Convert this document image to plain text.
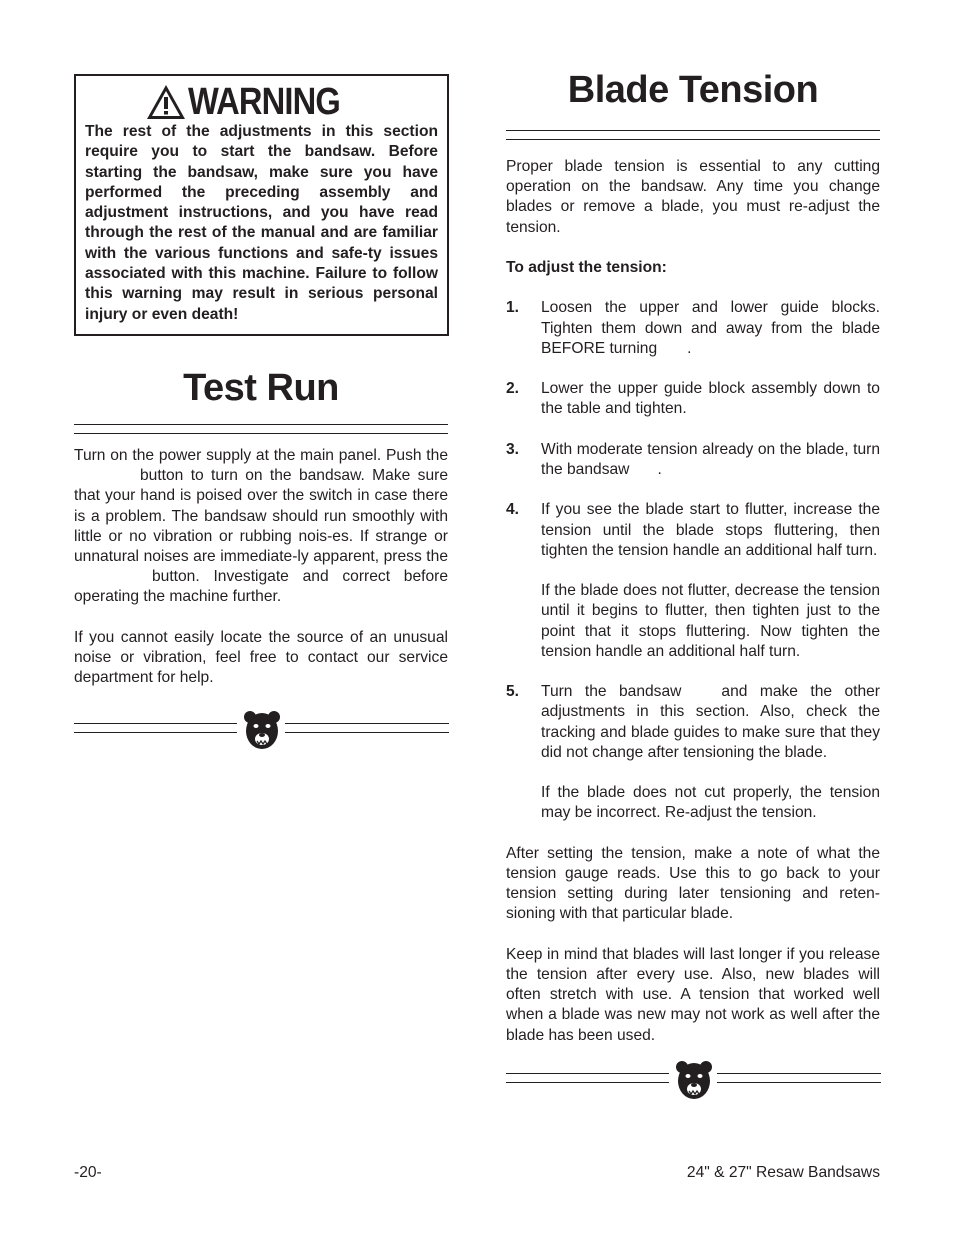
WARNING
The rest of the adjustments in this section require you to start the bandsaw. Before starting the bandsaw, make sure you have performed the preceding assembly and adjustment instructions, and you have read through the rest of the manual and are familiar with the various functions and safe-ty issues associated with this machine. Failure to follow this warning may result in serious personal injury or even death!
Test Run

Turn on the power supply at the main panel. Push thebutton to turn on the bandsaw. Make sure that your hand is poised over the switch in case there is a problem. The bandsaw should run smoothly with little or no vibration or rubbing nois-es. If strange or unnatural noises are immediate-ly apparent, press thebutton. Investigate and correct before operating the machine further.

If you cannot easily locate the source of an unusual noise or vibration, feel free to contact our service department for help.

Blade Tension

Proper blade tension is essential to any cutting operation on the bandsaw. Any time you change blades or remove a blade, you must re-adjust the tension.

To adjust the tension:
1.	Loosen the upper and lower guide blocks. Tighten them down and away from the blade BEFORE turning .
2.	Lower the upper guide block assembly down to the table and tighten.
3.	With moderate tension already on the blade, turn the bandsaw .
4.	If you see the blade start to flutter, increase the tension until the blade stops fluttering, then tighten the tension handle an additional half turn.
If the blade does not flutter, decrease the tension until it begins to flutter, then tighten just to the point that it stops fluttering. Now tighten the tension handle an additional half turn.
5.	Turn the bandsaw	and make the other adjustments in this section. Also, check the tracking and blade guides to make sure that they did not change after tensioning the blade.
If the blade does not cut properly, the tension may be incorrect. Re-adjust the tension.

After setting the tension, make a note of what the tension gauge reads. Use this to go back to your tension setting during later tensioning and reten-sioning with that particular blade.

Keep in mind that blades will last longer if you release the tension after every use. Also, new blades will often stretch with use. A tension that worked well when a blade was new may not work as well after the blade has been used.

-20-	24" & 27" Resaw Bandsaws
